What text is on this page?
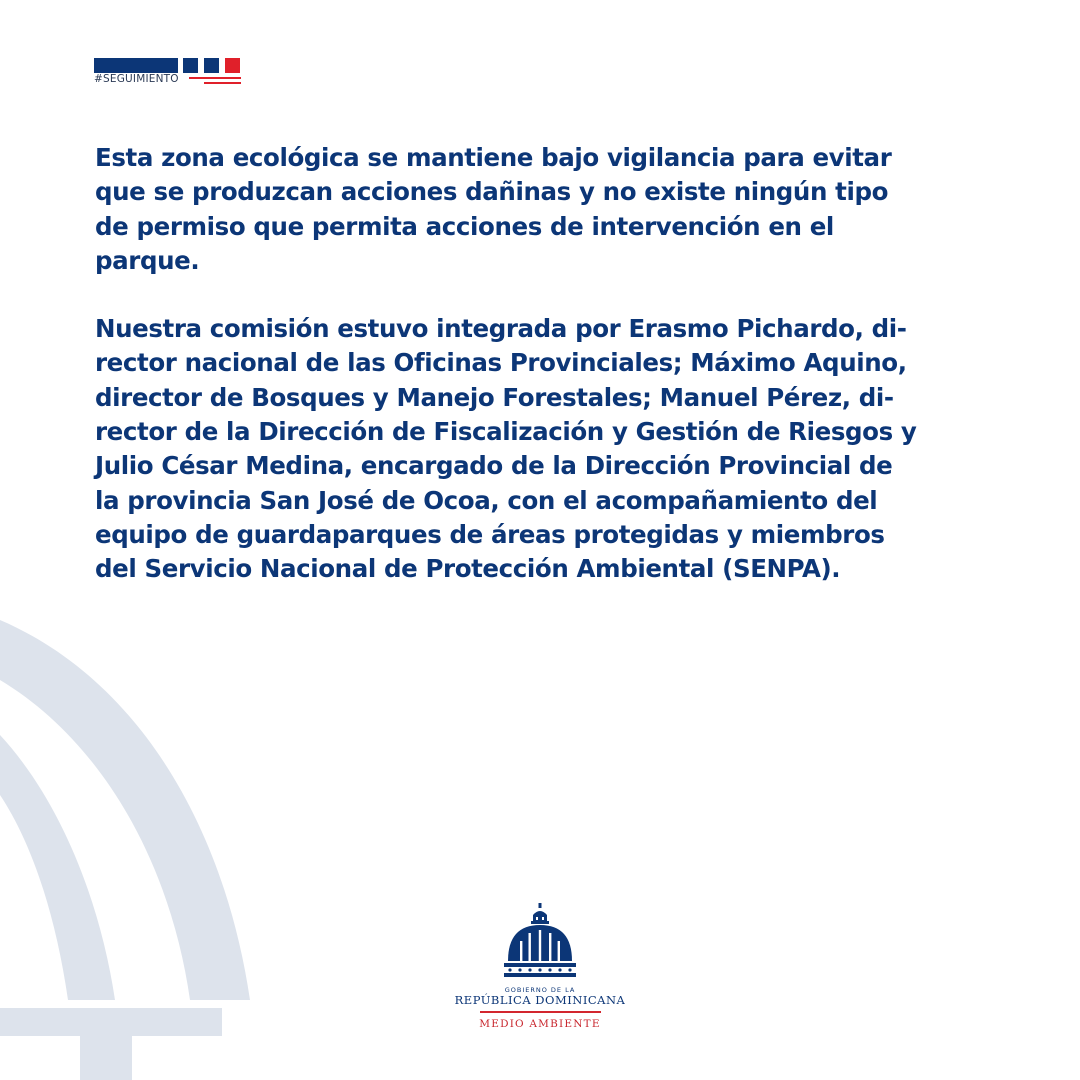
#SEGUIMIENTO

Esta zona ecológica se mantiene bajo vigilancia para evitar
que se produzcan acciones dañinas y no existe ningún tipo
de permiso que permita acciones de intervención en el
parque.

Nuestra comisión estuvo integrada por Erasmo Pichardo, di-
rector nacional de las Oficinas Provinciales; Máximo Aquino,
director de Bosques y Manejo Forestales; Manuel Pérez, di-
rector de la Dirección de Fiscalización y Gestión de Riesgos y
Julio César Medina, encargado de la Dirección Provincial de
la provincia San José de Ocoa, con el acompañamiento del
equipo de guardaparques de áreas protegidas y miembros
del Servicio Nacional de Protección Ambiental (SENPA).

GOBIERNO DE LA
REPÚBLICA DOMINICANA
MEDIO AMBIENTE
